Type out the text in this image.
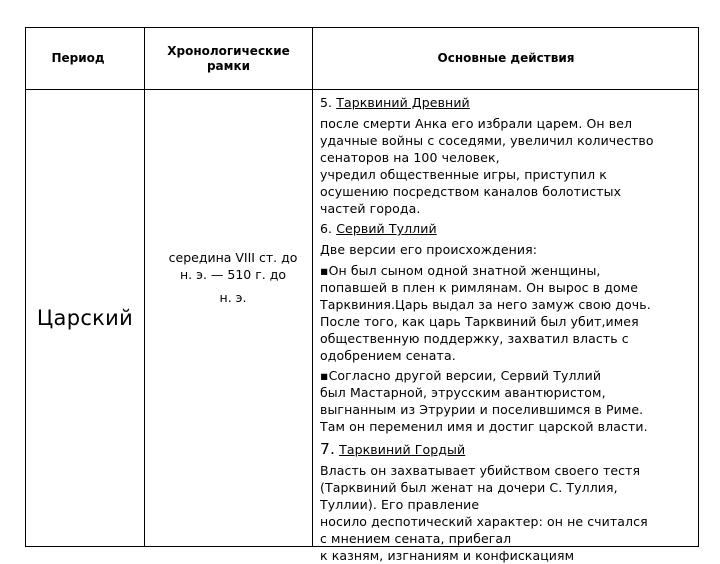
Период
Хронологические рамки
Основные действия
Царский
середина VIII ст. до
н. э. — 510 г. до
н. э.

5. Тарквиний Древний

после смерти Анка его избрали царем. Он вел
удачные войны с соседями, увеличил количество
сенаторов на 100 человек,
учредил общественные игры, приступил к
осушению посредством каналов болотистых
частей города.

6. Сервий Туллий

Две версии его происхождения:

▪Он был сыном одной знатной женщины,
попавшей в плен к римлянам. Он вырос в доме
Тарквиния.Царь выдал за него замуж свою дочь.
После того, как царь Тарквиний был убит,имея
общественную поддержку, захватил власть с
одобрением сената.
▪Согласно другой версии, Сервий Туллий
был Мастарной, этрусским авантюристом,
выгнанным из Этрурии и поселившимся в Риме.
Там он переменил имя и достиг царской власти.

7. Тарквиний Гордый

Власть он захватывает убийством своего тестя
(Тарквиний был женат на дочери С. Туллия,
Туллии). Его правление
носило деспотический характер: он не считался
с мнением сената, прибегал
к казням, изгнаниям и конфискациям
